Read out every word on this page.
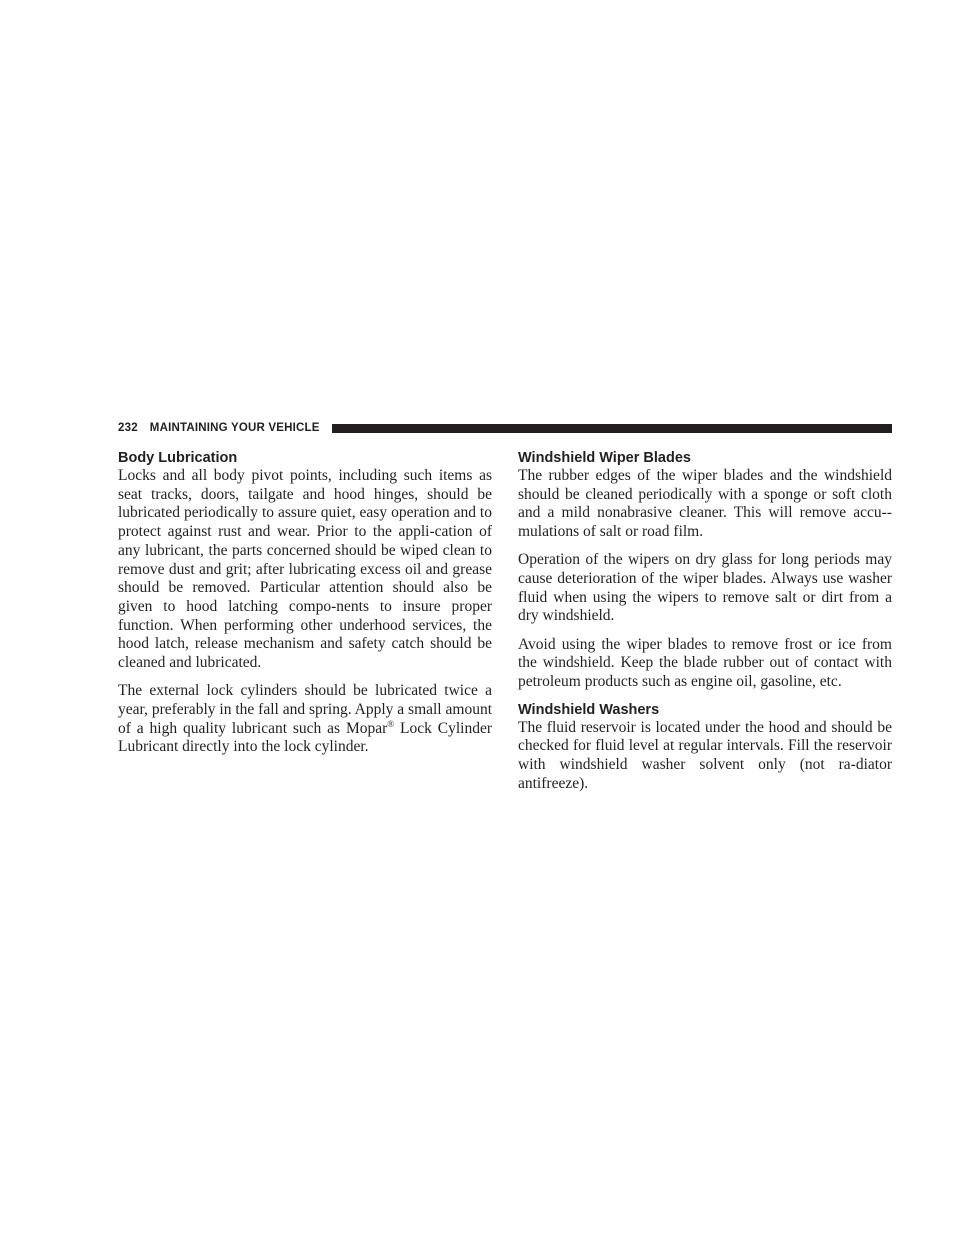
232 MAINTAINING YOUR VEHICLE
Body Lubrication

Locks and all body pivot points, including such items as seat tracks, doors, tailgate and hood hinges, should be lubricated periodically to assure quiet, easy operation and to protect against rust and wear. Prior to the appli-cation of any lubricant, the parts concerned should be wiped clean to remove dust and grit; after lubricating excess oil and grease should be removed. Particular attention should also be given to hood latching compo-nents to insure proper function. When performing other underhood services, the hood latch, release mechanism and safety catch should be cleaned and lubricated.

The external lock cylinders should be lubricated twice a year, preferably in the fall and spring. Apply a small amount of a high quality lubricant such as Mopar® Lock Cylinder Lubricant directly into the lock cylinder.

Windshield Wiper Blades

The rubber edges of the wiper blades and the windshield should be cleaned periodically with a sponge or soft cloth and a mild nonabrasive cleaner. This will remove accu-mulations of salt or road film.

Operation of the wipers on dry glass for long periods may cause deterioration of the wiper blades. Always use washer fluid when using the wipers to remove salt or dirt from a dry windshield.

Avoid using the wiper blades to remove frost or ice from the windshield. Keep the blade rubber out of contact with petroleum products such as engine oil, gasoline, etc.

Windshield Washers

The fluid reservoir is located under the hood and should be checked for fluid level at regular intervals. Fill the reservoir with windshield washer solvent only (not ra-diator antifreeze).
